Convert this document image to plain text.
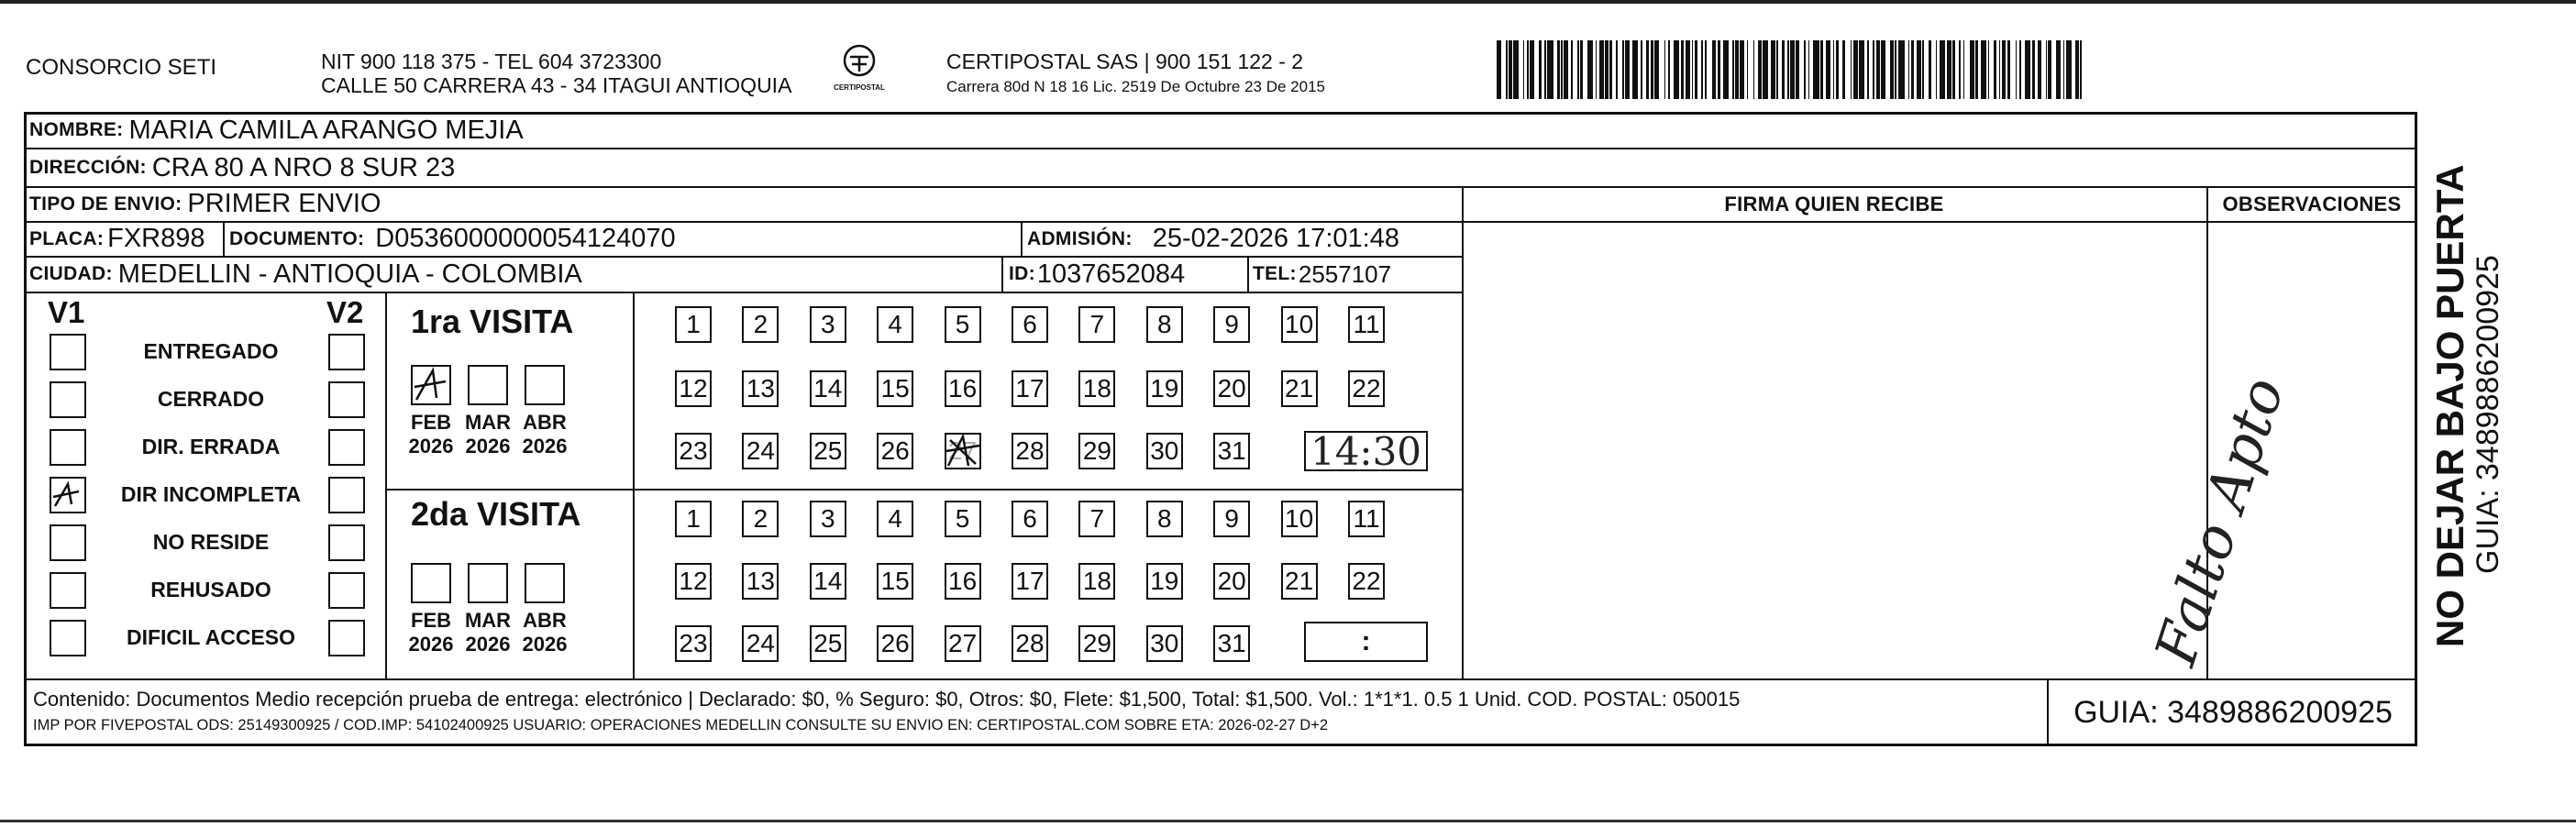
CONSORCIO SETI	NIT 900 118 375 - TEL 604 3723300
CALLE 50 CARRERA 43 - 34 ITAGUI ANTIOQUIA	CERTIPOSTAL
CERTIPOSTAL SAS | 900 151 122 - 2
Carrera 80d N 18 16 Lic. 2519 De Octubre 23 De 2015
NOMBRE: MARIA CAMILA ARANGO MEJIA
DIRECCIÓN: CRA 80 A NRO 8 SUR 23
TIPO DE ENVIO: PRIMER ENVIO
PLACA: FXR898 DOCUMENTO: D0536000000054124070	ADMISIÓN: 25-02-2026 17:01:48
CIUDAD: MEDELLIN - ANTIOQUIA - COLOMBIA	ID: 1037652084	TEL: 2557107
FIRMA QUIEN RECIBE	OBSERVACIONES
Falto Apto
V1	V2
ENTREGADO
CERRADO
DIR. ERRADA
DIR INCOMPLETA
NO RESIDE
REHUSADO
DIFICIL ACCESO
1ra VISITA
2da VISITA
FEB
2026
MAR
2026
ABR
2026
FEB
2026
MAR
2026
ABR
2026
1 2 3 4 5 6 7 8 9 10 11
12 13 14 15 16 17 18 19 20 21 22
23 24 25 26 27 28 29 30 31
1 2 3 4 5 6 7 8 9 10 11
12 13 14 15 16 17 18 19 20 21 22
23 24 25 26 27 28 29 30 31
14:30
:
Contenido: Documentos Medio recepción prueba de entrega: electrónico | Declarado: $0, % Seguro: $0, Otros: $0, Flete: $1,500, Total: $1,500. Vol.: 1*1*1. 0.5 1 Unid. COD. POSTAL: 050015
IMP POR FIVEPOSTAL ODS: 25149300925 / COD.IMP: 54102400925 USUARIO: OPERACIONES MEDELLIN CONSULTE SU ENVIO EN: CERTIPOSTAL.COM SOBRE ETA: 2026-02-27 D+2	GUIA: 3489886200925
NO DEJAR BAJO PUERTA GUIA: 3489886200925
